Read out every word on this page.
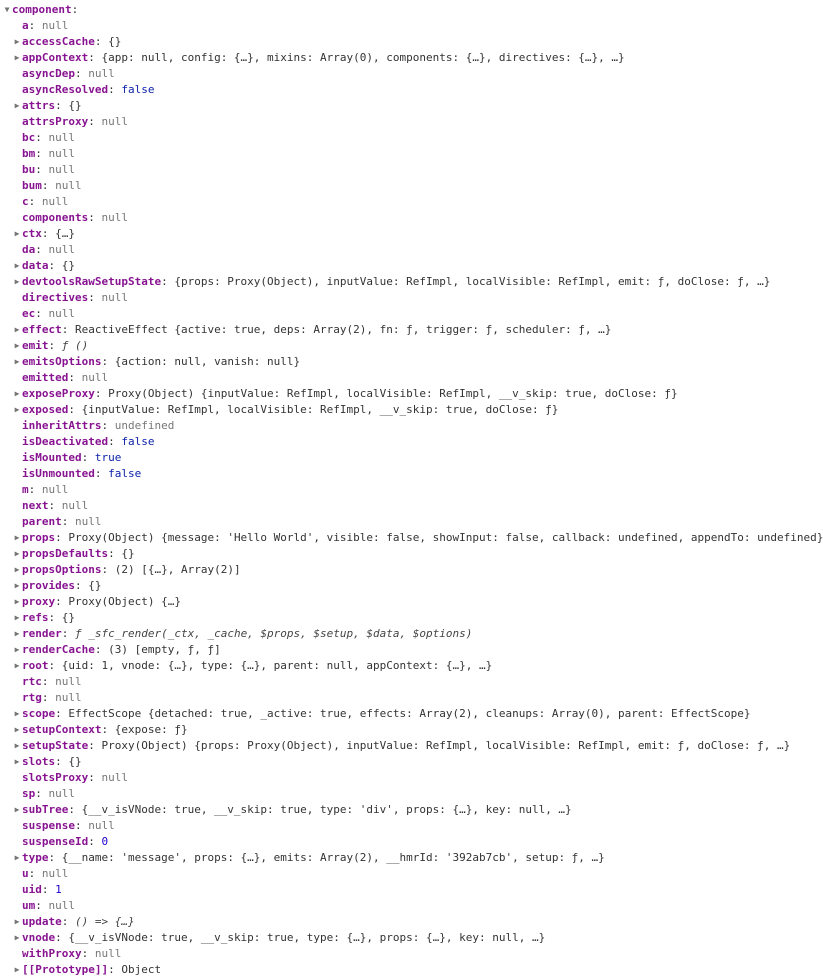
▼
component :
a :
null
▶
accessCache :
{}
▶
appContext :
{app: null, config: {…}, mixins: Array(0), components: {…}, directives: {…}, …}
asyncDep :
null
asyncResolved :
false
▶
attrs :
{}
attrsProxy :
null
bc :
null
bm :
null
bu :
null
bum :
null
c :
null
components :
null
▶
ctx :
{…}
da :
null
▶
data :
{}
▶
devtoolsRawSetupState :
{props: Proxy(Object), inputValue: RefImpl, localVisible: RefImpl, emit: ƒ, doClose: ƒ, …}
directives :
null
ec :
null
▶
effect :
ReactiveEffect {active: true, deps: Array(2), fn: ƒ, trigger: ƒ, scheduler: ƒ, …}
▶
emit :
ƒ ()
▶
emitsOptions :
{action: null, vanish: null}
emitted :
null
▶
exposeProxy :
Proxy(Object) {inputValue: RefImpl, localVisible: RefImpl, __v_skip: true, doClose: ƒ}
▶
exposed :
{inputValue: RefImpl, localVisible: RefImpl, __v_skip: true, doClose: ƒ}
inheritAttrs :
undefined
isDeactivated :
false
isMounted :
true
isUnmounted :
false
m :
null
next :
null
parent :
null
▶
props :
Proxy(Object) {message: 'Hello World', visible: false, showInput: false, callback: undefined, appendTo: undefined}
▶
propsDefaults :
{}
▶
propsOptions :
(2) [{…}, Array(2)]
▶
provides :
{}
▶
proxy :
Proxy(Object) {…}
▶
refs :
{}
▶
render :
ƒ _sfc_render(_ctx, _cache, $props, $setup, $data, $options)
▶
renderCache :
(3) [empty, ƒ, ƒ]
▶
root :
{uid: 1, vnode: {…}, type: {…}, parent: null, appContext: {…}, …}
rtc :
null
rtg :
null
▶
scope :
EffectScope {detached: true, _active: true, effects: Array(2), cleanups: Array(0), parent: EffectScope}
▶
setupContext :
{expose: ƒ}
▶
setupState :
Proxy(Object) {props: Proxy(Object), inputValue: RefImpl, localVisible: RefImpl, emit: ƒ, doClose: ƒ, …}
▶
slots :
{}
slotsProxy :
null
sp :
null
▶
subTree :
{__v_isVNode: true, __v_skip: true, type: 'div', props: {…}, key: null, …}
suspense :
null
suspenseId :
0
▶
type :
{__name: 'message', props: {…}, emits: Array(2), __hmrId: '392ab7cb', setup: ƒ, …}
u :
null
uid :
1
um :
null
▶
update :
() => {…}
▶
vnode :
{__v_isVNode: true, __v_skip: true, type: {…}, props: {…}, key: null, …}
withProxy :
null
▶
[[Prototype]] :
Object
